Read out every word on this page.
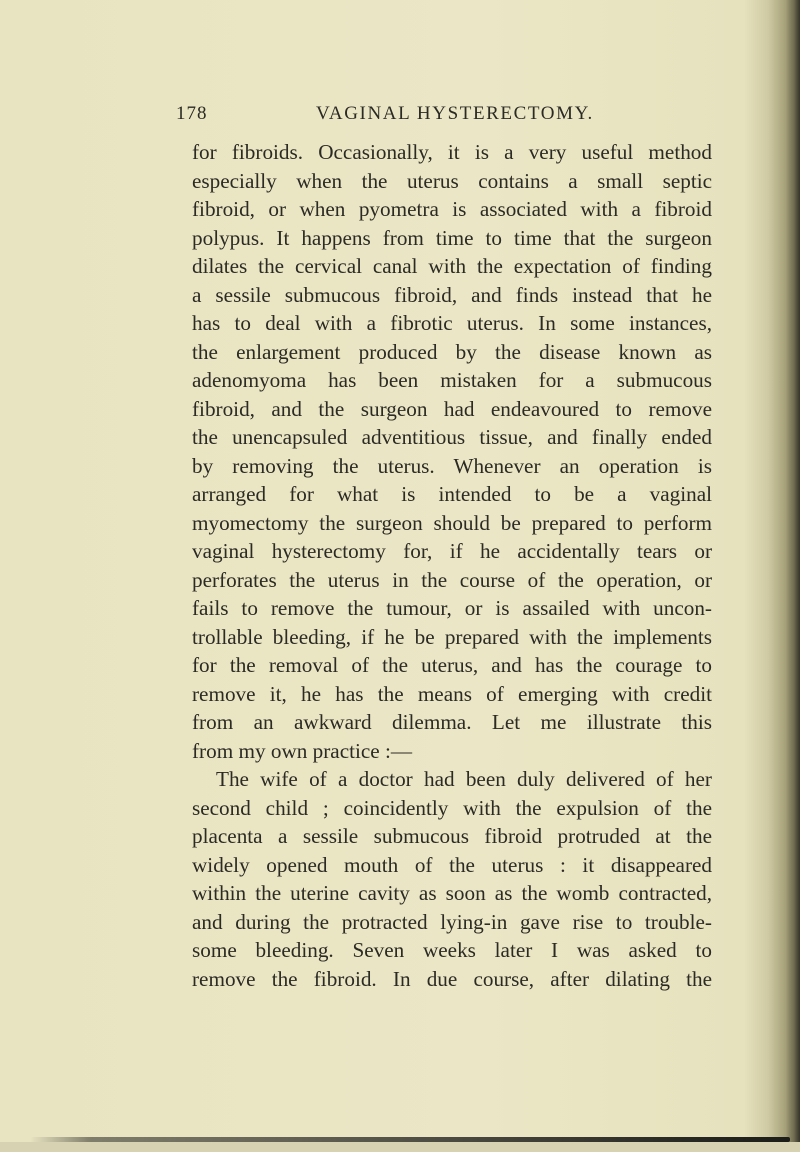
178	VAGINAL HYSTERECTOMY.
for fibroids. Occasionally, it is a very useful method
especially when the uterus contains a small septic
fibroid, or when pyometra is associated with a fibroid
polypus. It happens from time to time that the surgeon
dilates the cervical canal with the expectation of finding
a sessile submucous fibroid, and finds instead that he
has to deal with a fibrotic uterus. In some instances,
the enlargement produced by the disease known as
adenomyoma has been mistaken for a submucous
fibroid, and the surgeon had endeavoured to remove
the unencapsuled adventitious tissue, and finally ended
by removing the uterus. Whenever an operation is
arranged for what is intended to be a vaginal
myomectomy the surgeon should be prepared to perform
vaginal hysterectomy for, if he accidentally tears or
perforates the uterus in the course of the operation, or
fails to remove the tumour, or is assailed with uncon-
trollable bleeding, if he be prepared with the implements
for the removal of the uterus, and has the courage to
remove it, he has the means of emerging with credit
from an awkward dilemma. Let me illustrate this
from my own practice :—
The wife of a doctor had been duly delivered of her
second child ; coincidently with the expulsion of the
placenta a sessile submucous fibroid protruded at the
widely opened mouth of the uterus : it disappeared
within the uterine cavity as soon as the womb contracted,
and during the protracted lying-in gave rise to trouble-
some bleeding. Seven weeks later I was asked to
remove the fibroid. In due course, after dilating the
